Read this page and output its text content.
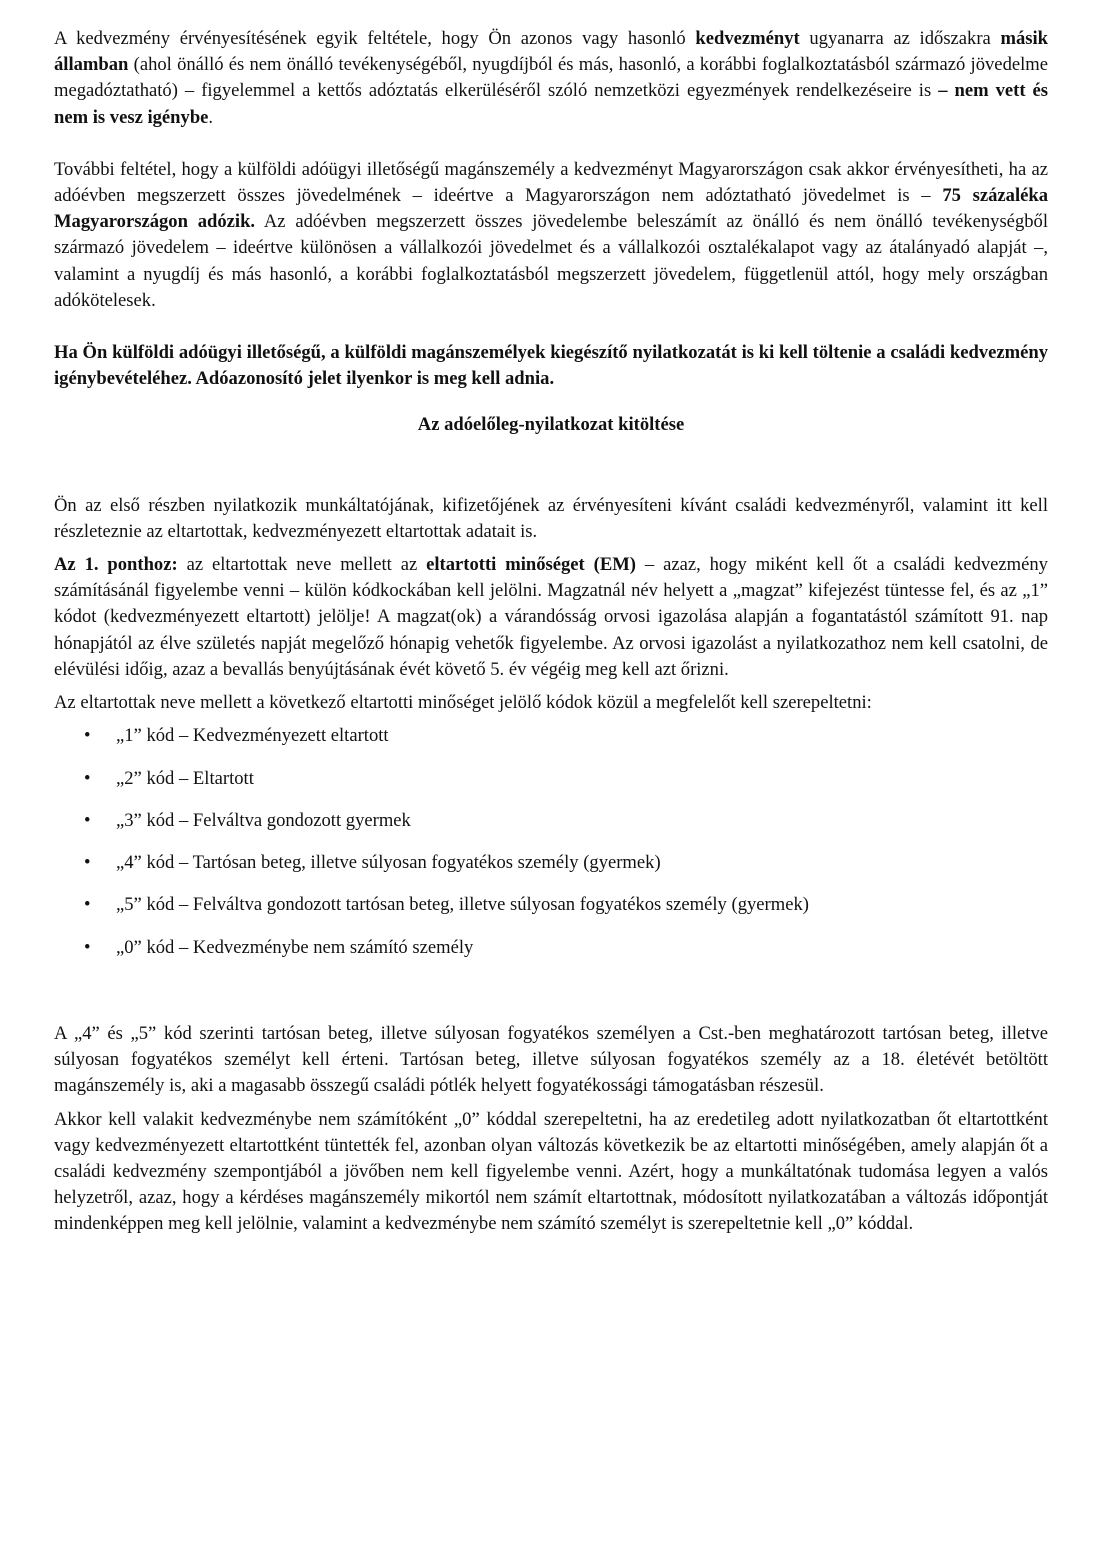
A kedvezmény érvényesítésének egyik feltétele, hogy Ön azonos vagy hasonló kedvezményt ugyanarra az időszakra másik államban (ahol önálló és nem önálló tevékenységéből, nyugdíjból és más, hasonló, a korábbi foglalkoztatásból származó jövedelme megadóztatható) – figyelemmel a kettős adóztatás elkerüléséről szóló nemzetközi egyezmények rendelkezéseire is – nem vett és nem is vesz igénybe.

További feltétel, hogy a külföldi adóügyi illetőségű magánszemély a kedvezményt Magyarországon csak akkor érvényesítheti, ha az adóévben megszerzett összes jövedelmének – ideértve a Magyarországon nem adóztatható jövedelmet is – 75 százaléka Magyarországon adózik. Az adóévben megszerzett összes jövedelembe beleszámít az önálló és nem önálló tevékenységből származó jövedelem – ideértve különösen a vállalkozói jövedelmet és a vállalkozói osztalékalapot vagy az átalányadó alapját –, valamint a nyugdíj és más hasonló, a korábbi foglalkoztatásból megszerzett jövedelem, függetlenül attól, hogy mely országban adókötelesek.

Ha Ön külföldi adóügyi illetőségű, a külföldi magánszemélyek kiegészítő nyilatkozatát is ki kell töltenie a családi kedvezmény igénybevételéhez. Adóazonosító jelet ilyenkor is meg kell adnia.

Az adóelőleg-nyilatkozat kitöltése

Ön az első részben nyilatkozik munkáltatójának, kifizetőjének az érvényesíteni kívánt családi kedvezményről, valamint itt kell részleteznie az eltartottak, kedvezményezett eltartottak adatait is.

Az 1. ponthoz: az eltartottak neve mellett az eltartotti minőséget (EM) – azaz, hogy miként kell őt a családi kedvezmény számításánál figyelembe venni – külön kódkockában kell jelölni. Magzatnál név helyett a „magzat” kifejezést tüntesse fel, és az „1” kódot (kedvezményezett eltartott) jelölje! A magzat(ok) a várandósság orvosi igazolása alapján a fogantatástól számított 91. nap hónapjától az élve születés napját megelőző hónapig vehetők figyelembe. Az orvosi igazolást a nyilatkozathoz nem kell csatolni, de elévülési időig, azaz a bevallás benyújtásának évét követő 5. év végéig meg kell azt őrizni.

Az eltartottak neve mellett a következő eltartotti minőséget jelölő kódok közül a megfelelőt kell szerepeltetni:

• „1” kód – Kedvezményezett eltartott
• „2” kód – Eltartott
• „3” kód – Felváltva gondozott gyermek
• „4” kód – Tartósan beteg, illetve súlyosan fogyatékos személy (gyermek)
• „5” kód – Felváltva gondozott tartósan beteg, illetve súlyosan fogyatékos személy (gyermek)
• „0” kód – Kedvezménybe nem számító személy

A „4” és „5” kód szerinti tartósan beteg, illetve súlyosan fogyatékos személyen a Cst.-ben meghatározott tartósan beteg, illetve súlyosan fogyatékos személyt kell érteni. Tartósan beteg, illetve súlyosan fogyatékos személy az a 18. életévét betöltött magánszemély is, aki a magasabb összegű családi pótlék helyett fogyatékossági támogatásban részesül.

Akkor kell valakit kedvezménybe nem számítóként „0” kóddal szerepeltetni, ha az eredetileg adott nyilatkozatban őt eltartottként vagy kedvezményezett eltartottként tüntették fel, azonban olyan változás következik be az eltartotti minőségében, amely alapján őt a családi kedvezmény szempontjából a jövőben nem kell figyelembe venni. Azért, hogy a munkáltatónak tudomása legyen a valós helyzetről, azaz, hogy a kérdéses magánszemély mikortól nem számít eltartottnak, módosított nyilatkozatában a változás időpontját mindenképpen meg kell jelölnie, valamint a kedvezménybe nem számító személyt is szerepeltetnie kell „0” kóddal.
